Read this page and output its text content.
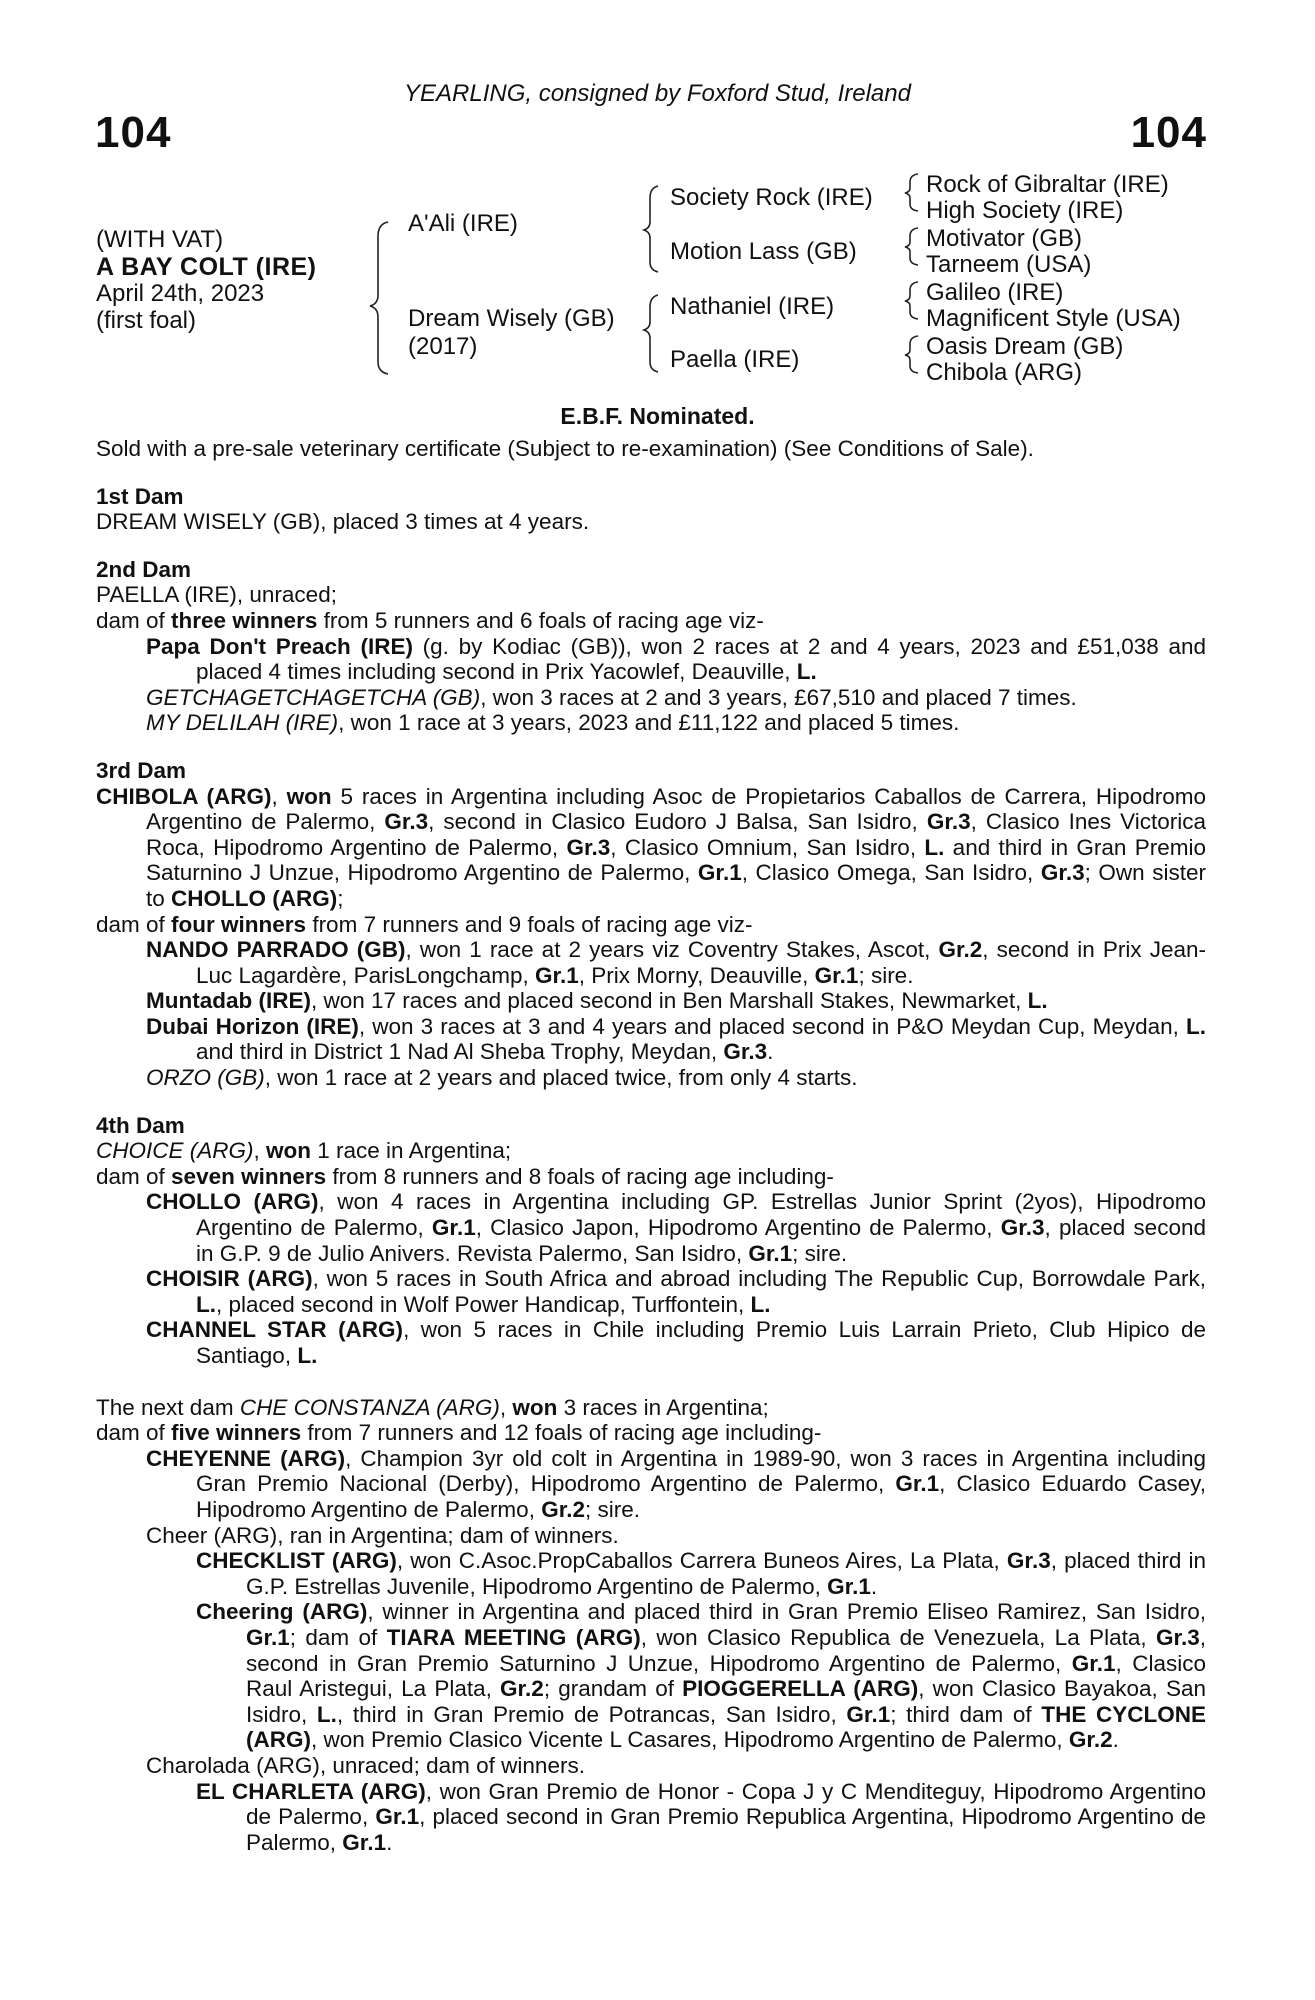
YEARLING, consigned by Foxford Stud, Ireland
104	104
(WITH VAT)
A BAY COLT (IRE)
April 24th, 2023
(first foal)
A'Ali (IRE)
Dream Wisely (GB)
(2017)
Society Rock (IRE)
Motion Lass (GB)
Nathaniel (IRE)
Paella (IRE)
Rock of Gibraltar (IRE)
High Society (IRE)
Motivator (GB)
Tarneem (USA)
Galileo (IRE)
Magnificent Style (USA)
Oasis Dream (GB)
Chibola (ARG)
E.B.F. Nominated.

Sold with a pre-sale veterinary certificate (Subject to re-examination) (See Conditions of Sale).

1st Dam

DREAM WISELY (GB), placed 3 times at 4 years.

2nd Dam

PAELLA (IRE), unraced;

dam of three winners from 5 runners and 6 foals of racing age viz-

Papa Don't Preach (IRE) (g. by Kodiac (GB)), won 2 races at 2 and 4 years, 2023 and £51,038 and placed 4 times including second in Prix Yacowlef, Deauville, L.

GETCHAGETCHAGETCHA (GB), won 3 races at 2 and 3 years, £67,510 and placed 7 times.

MY DELILAH (IRE), won 1 race at 3 years, 2023 and £11,122 and placed 5 times.

3rd Dam

CHIBOLA (ARG), won 5 races in Argentina including Asoc de Propietarios Caballos de Carrera, Hipodromo Argentino de Palermo, Gr.3, second in Clasico Eudoro J Balsa, San Isidro, Gr.3, Clasico Ines Victorica Roca, Hipodromo Argentino de Palermo, Gr.3, Clasico Omnium, San Isidro, L. and third in Gran Premio Saturnino J Unzue, Hipodromo Argentino de Palermo, Gr.1, Clasico Omega, San Isidro, Gr.3; Own sister to CHOLLO (ARG);

dam of four winners from 7 runners and 9 foals of racing age viz-

NANDO PARRADO (GB), won 1 race at 2 years viz Coventry Stakes, Ascot, Gr.2, second in Prix Jean-Luc Lagardère, ParisLongchamp, Gr.1, Prix Morny, Deauville, Gr.1; sire.

Muntadab (IRE), won 17 races and placed second in Ben Marshall Stakes, Newmarket, L.

Dubai Horizon (IRE), won 3 races at 3 and 4 years and placed second in P&O Meydan Cup, Meydan, L. and third in District 1 Nad Al Sheba Trophy, Meydan, Gr.3.

ORZO (GB), won 1 race at 2 years and placed twice, from only 4 starts.

4th Dam

CHOICE (ARG), won 1 race in Argentina;

dam of seven winners from 8 runners and 8 foals of racing age including-

CHOLLO (ARG), won 4 races in Argentina including GP. Estrellas Junior Sprint (2yos), Hipodromo Argentino de Palermo, Gr.1, Clasico Japon, Hipodromo Argentino de Palermo, Gr.3, placed second in G.P. 9 de Julio Anivers. Revista Palermo, San Isidro, Gr.1; sire.

CHOISIR (ARG), won 5 races in South Africa and abroad including The Republic Cup, Borrowdale Park, L., placed second in Wolf Power Handicap, Turffontein, L.

CHANNEL STAR (ARG), won 5 races in Chile including Premio Luis Larrain Prieto, Club Hipico de Santiago, L.

The next dam CHE CONSTANZA (ARG), won 3 races in Argentina;

dam of five winners from 7 runners and 12 foals of racing age including-

CHEYENNE (ARG), Champion 3yr old colt in Argentina in 1989-90, won 3 races in Argentina including Gran Premio Nacional (Derby), Hipodromo Argentino de Palermo, Gr.1, Clasico Eduardo Casey, Hipodromo Argentino de Palermo, Gr.2; sire.

Cheer (ARG), ran in Argentina; dam of winners.

CHECKLIST (ARG), won C.Asoc.PropCaballos Carrera Buneos Aires, La Plata, Gr.3, placed third in G.P. Estrellas Juvenile, Hipodromo Argentino de Palermo, Gr.1.

Cheering (ARG), winner in Argentina and placed third in Gran Premio Eliseo Ramirez, San Isidro, Gr.1; dam of TIARA MEETING (ARG), won Clasico Republica de Venezuela, La Plata, Gr.3, second in Gran Premio Saturnino J Unzue, Hipodromo Argentino de Palermo, Gr.1, Clasico Raul Aristegui, La Plata, Gr.2; grandam of PIOGGERELLA (ARG), won Clasico Bayakoa, San Isidro, L., third in Gran Premio de Potrancas, San Isidro, Gr.1; third dam of THE CYCLONE (ARG), won Premio Clasico Vicente L Casares, Hipodromo Argentino de Palermo, Gr.2.

Charolada (ARG), unraced; dam of winners.

EL CHARLETA (ARG), won Gran Premio de Honor - Copa J y C Menditeguy, Hipodromo Argentino de Palermo, Gr.1, placed second in Gran Premio Republica Argentina, Hipodromo Argentino de Palermo, Gr.1.
